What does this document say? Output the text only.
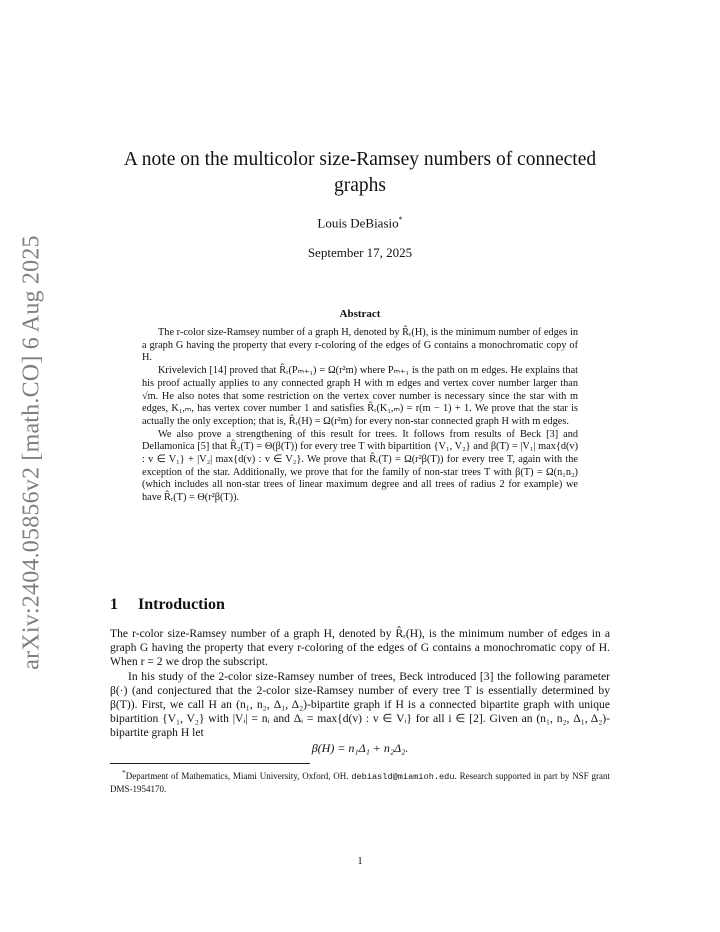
arXiv:2404.05856v2 [math.CO] 6 Aug 2025
A note on the multicolor size-Ramsey numbers of connected graphs
Louis DeBiasio*
September 17, 2025
Abstract

The r-color size-Ramsey number of a graph H, denoted by R̂ᵣ(H), is the minimum number of edges in a graph G having the property that every r-coloring of the edges of G contains a monochromatic copy of H.

Krivelevich [14] proved that R̂ᵣ(Pₘ₊₁) = Ω(r²m) where Pₘ₊₁ is the path on m edges. He explains that his proof actually applies to any connected graph H with m edges and vertex cover number larger than √m. He also notes that some restriction on the vertex cover number is necessary since the star with m edges, K₁,ₘ, has vertex cover number 1 and satisfies R̂ᵣ(K₁,ₘ) = r(m − 1) + 1. We prove that the star is actually the only exception; that is, R̂ᵣ(H) = Ω(r²m) for every non-star connected graph H with m edges.

We also prove a strengthening of this result for trees. It follows from results of Beck [3] and Dellamonica [5] that R̂₂(T) = Θ(β(T)) for every tree T with bipartition {V₁, V₂} and β(T) = |V₁| max{d(v) : v ∈ V₁} + |V₂| max{d(v) : v ∈ V₂}. We prove that R̂ᵣ(T) = Ω(r²β(T)) for every tree T, again with the exception of the star. Additionally, we prove that for the family of non-star trees T with β(T) = Ω(n₁n₂) (which includes all non-star trees of linear maximum degree and all trees of radius 2 for example) we have R̂ᵣ(T) = Θ(r²β(T)).

1 Introduction

The r-color size-Ramsey number of a graph H, denoted by R̂ᵣ(H), is the minimum number of edges in a graph G having the property that every r-coloring of the edges of G contains a monochromatic copy of H. When r = 2 we drop the subscript.

In his study of the 2-color size-Ramsey number of trees, Beck introduced [3] the following parameter β(·) (and conjectured that the 2-color size-Ramsey number of every tree T is essentially determined by β(T)). First, we call H an (n₁, n₂, Δ₁, Δ₂)-bipartite graph if H is a connected bipartite graph with unique bipartition {V₁, V₂} with |Vᵢ| = nᵢ and Δᵢ = max{d(v) : v ∈ Vᵢ} for all i ∈ [2]. Given an (n₁, n₂, Δ₁, Δ₂)-bipartite graph H let

β(H) = n₁Δ₁ + n₂Δ₂.

*Department of Mathematics, Miami University, Oxford, OH. debiasld@miamioh.edu. Research supported in part by NSF grant DMS-1954170.

1
